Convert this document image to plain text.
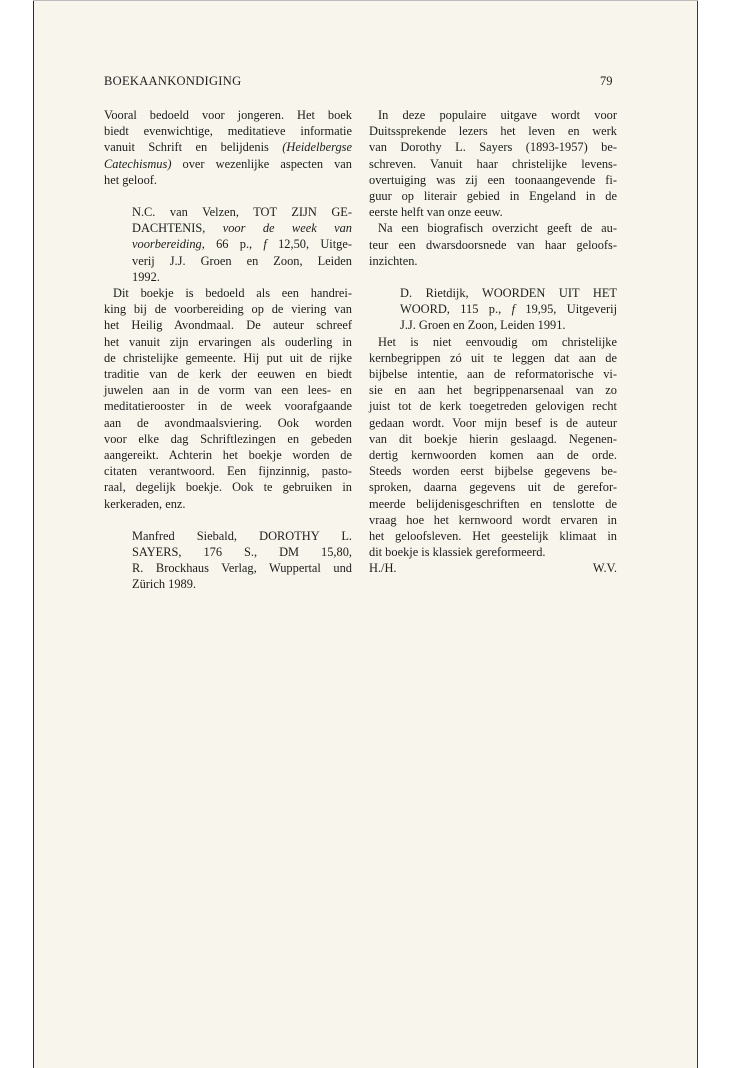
BOEKAANKONDIGING	79
Vooral bedoeld voor jongeren. Het boek
biedt evenwichtige, meditatieve informatie
vanuit Schrift en belijdenis (Heidelbergse
Catechismus) over wezenlijke aspecten van
het geloof.
N.C. van Velzen, TOT ZIJN GE-
DACHTENIS, voor de week van
voorbereiding, 66 p., f 12,50, Uitge-
verij J.J. Groen en Zoon, Leiden
1992.
Dit boekje is bedoeld als een handrei-
king bij de voorbereiding op de viering van
het Heilig Avondmaal. De auteur schreef
het vanuit zijn ervaringen als ouderling in
de christelijke gemeente. Hij put uit de rijke
traditie van de kerk der eeuwen en biedt
juwelen aan in de vorm van een lees- en
meditatierooster in de week voorafgaande
aan de avondmaalsviering. Ook worden
voor elke dag Schriftlezingen en gebeden
aangereikt. Achterin het boekje worden de
citaten verantwoord. Een fijnzinnig, pasto-
raal, degelijk boekje. Ook te gebruiken in
kerkeraden, enz.
Manfred Siebald, DOROTHY L.
SAYERS, 176 S., DM 15,80,
R. Brockhaus Verlag, Wuppertal und
Zürich 1989.
In deze populaire uitgave wordt voor
Duitssprekende lezers het leven en werk
van Dorothy L. Sayers (1893-1957) be-
schreven. Vanuit haar christelijke levens-
overtuiging was zij een toonaangevende fi-
guur op literair gebied in Engeland in de
eerste helft van onze eeuw.
Na een biografisch overzicht geeft de au-
teur een dwarsdoorsnede van haar geloofs-
inzichten.
D. Rietdijk, WOORDEN UIT HET
WOORD, 115 p., f 19,95, Uitgeverij
J.J. Groen en Zoon, Leiden 1991.
Het is niet eenvoudig om christelijke
kernbegrippen zó uit te leggen dat aan de
bijbelse intentie, aan de reformatorische vi-
sie en aan het begrippenarsenaal van zo
juist tot de kerk toegetreden gelovigen recht
gedaan wordt. Voor mijn besef is de auteur
van dit boekje hierin geslaagd. Negenen-
dertig kernwoorden komen aan de orde.
Steeds worden eerst bijbelse gegevens be-
sproken, daarna gegevens uit de gerefor-
meerde belijdenisgeschriften en tenslotte de
vraag hoe het kernwoord wordt ervaren in
het geloofsleven. Het geestelijk klimaat in
dit boekje is klassiek gereformeerd.
H./H.	W.V.
